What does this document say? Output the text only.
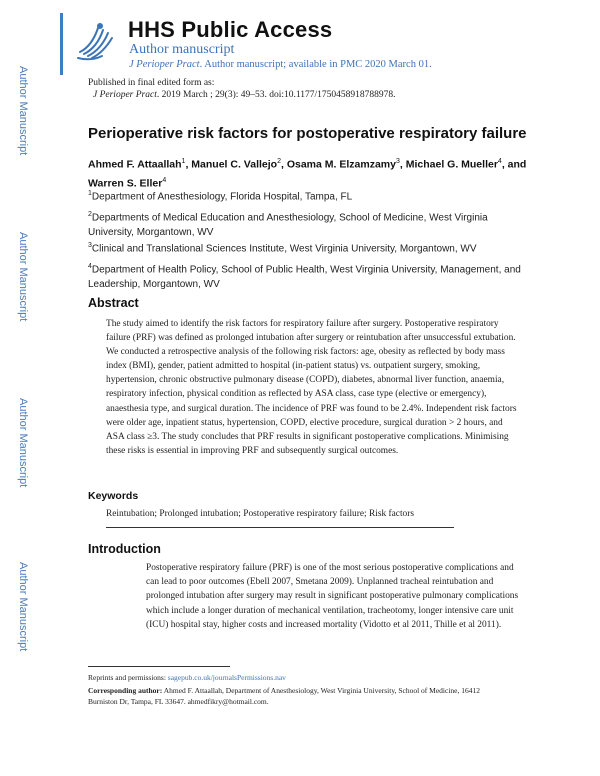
HHS Public Access
Author manuscript
J Perioper Pract. Author manuscript; available in PMC 2020 March 01.
Author Manuscript
Author Manuscript
Author Manuscript
Author Manuscript
Published in final edited form as:
J Perioper Pract. 2019 March ; 29(3): 49–53. doi:10.1177/1750458918788978.
Perioperative risk factors for postoperative respiratory failure
Ahmed F. Attaallah$^1$, Manuel C. Vallejo$^2$, Osama M. Elzamzamy$^3$, Michael G. Mueller$^4$, and Warren S. Eller$^4$
$^1$Department of Anesthesiology, Florida Hospital, Tampa, FL
$^2$Departments of Medical Education and Anesthesiology, School of Medicine, West Virginia University, Morgantown, WV
$^3$Clinical and Translational Sciences Institute, West Virginia University, Morgantown, WV
$^4$Department of Health Policy, School of Public Health, West Virginia University, Management, and Leadership, Morgantown, WV
Abstract
The study aimed to identify the risk factors for respiratory failure after surgery. Postoperative respiratory failure (PRF) was defined as prolonged intubation after surgery or reintubation after unsuccessful extubation. We conducted a retrospective analysis of the following risk factors: age, obesity as reflected by body mass index (BMI), gender, patient admitted to hospital (in-patient status) vs. outpatient surgery, smoking, hypertension, chronic obstructive pulmonary disease (COPD), diabetes, abnormal liver function, anaemia, respiratory infection, physical condition as reflected by ASA class, case type (elective or emergency), anaesthesia type, and surgical duration. The incidence of PRF was found to be 2.4%. Independent risk factors were older age, inpatient status, hypertension, COPD, elective procedure, surgical duration > 2 hours, and ASA class ≥3. The study concludes that PRF results in significant postoperative complications. Minimising these risks is essential in improving PRF and subsequently surgical outcomes.
Keywords
Reintubation; Prolonged intubation; Postoperative respiratory failure; Risk factors
Introduction
Postoperative respiratory failure (PRF) is one of the most serious postoperative complications and can lead to poor outcomes (Ebell 2007, Smetana 2009). Unplanned tracheal reintubation and prolonged intubation after surgery may result in significant postoperative pulmonary complications which include a longer duration of mechanical ventilation, tracheotomy, longer intensive care unit (ICU) hospital stay, higher costs and increased mortality (Vidotto et al 2011, Thille et al 2011).
Reprints and permissions: sagepub.co.uk/journalsPermissions.nav
Corresponding author: Ahmed F. Attaallah, Department of Anesthesiology, West Virginia University, School of Medicine, 16412 Burniston Dr, Tampa, FL 33647. ahmedfikry@hotmail.com.
